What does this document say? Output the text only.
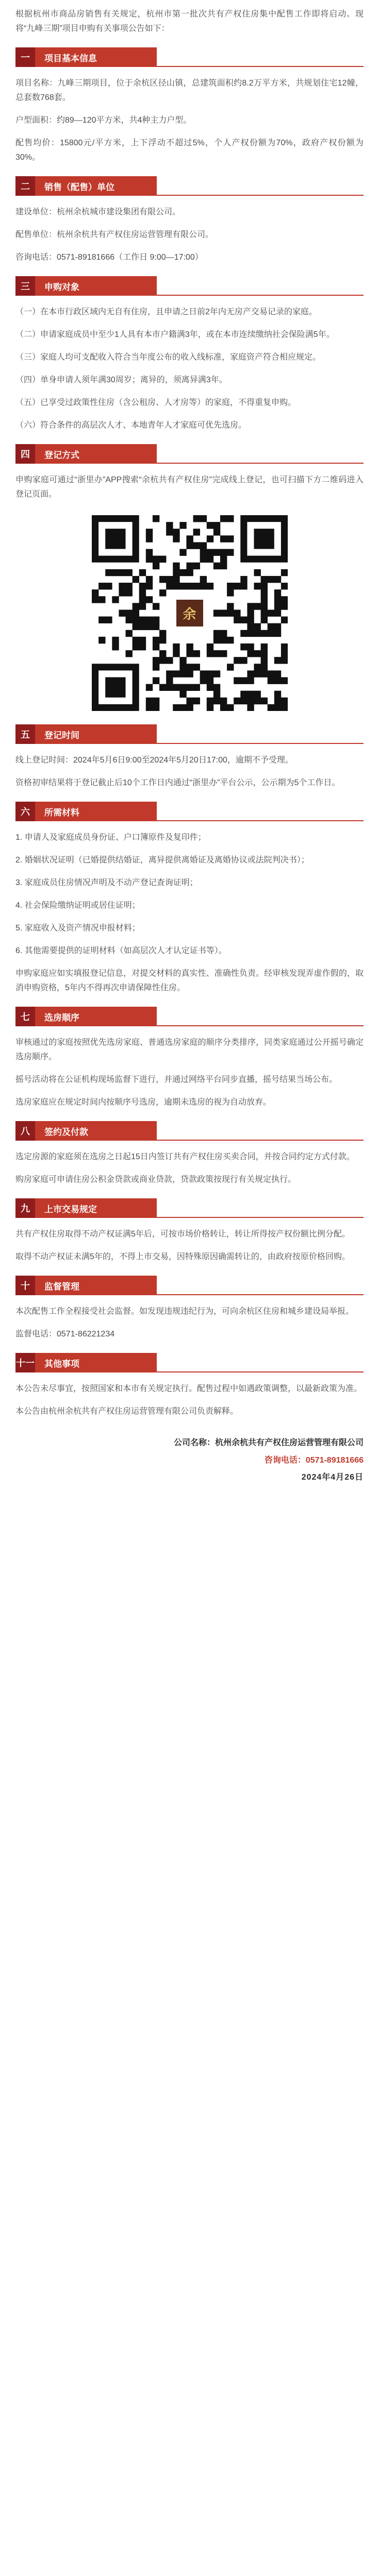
根据杭州市商品房销售有关规定，杭州市第一批次共有产权住房集中配售工作即将启动。现将“九峰三期”项目申购有关事项公告如下：

一	项目基本信息

项目名称：九峰三期项目，位于余杭区径山镇，总建筑面积约8.2万平方米，共规划住宅12幢，总套数768套。

户型面积：约89—120平方米，共4种主力户型。

配售均价：15800元/平方米，上下浮动不超过5%，个人产权份额为70%，政府产权份额为30%。

二	销售（配售）单位

建设单位：杭州余杭城市建设集团有限公司。

配售单位：杭州余杭共有产权住房运营管理有限公司。

咨询电话：0571-89181666（工作日 9:00—17:00）

三	申购对象

（一）在本市行政区域内无自有住房，且申请之日前2年内无房产交易记录的家庭。

（二）申请家庭成员中至少1人具有本市户籍满3年，或在本市连续缴纳社会保险满5年。

（三）家庭人均可支配收入符合当年度公布的收入线标准，家庭资产符合相应规定。

（四）单身申请人须年满30周岁；离异的，须离异满3年。

（五）已享受过政策性住房（含公租房、人才房等）的家庭，不得重复申购。

（六）符合条件的高层次人才、本地青年人才家庭可优先选房。

四	登记方式

申购家庭可通过“浙里办”APP搜索“余杭共有产权住房”完成线上登记，也可扫描下方二维码进入登记页面。

余
五	登记时间

线上登记时间：2024年5月6日9:00至2024年5月20日17:00，逾期不予受理。

资格初审结果将于登记截止后10个工作日内通过“浙里办”平台公示，公示期为5个工作日。

六	所需材料

1. 申请人及家庭成员身份证、户口簿原件及复印件；

2. 婚姻状况证明（已婚提供结婚证，离异提供离婚证及离婚协议或法院判决书）；

3. 家庭成员住房情况声明及不动产登记查询证明；

4. 社会保险缴纳证明或居住证明；

5. 家庭收入及资产情况申报材料；

6. 其他需要提供的证明材料（如高层次人才认定证书等）。

申购家庭应如实填报登记信息，对提交材料的真实性、准确性负责。经审核发现弄虚作假的，取消申购资格，5年内不得再次申请保障性住房。

七	选房顺序

审核通过的家庭按照优先选房家庭、普通选房家庭的顺序分类排序，同类家庭通过公开摇号确定选房顺序。

摇号活动将在公证机构现场监督下进行，并通过网络平台同步直播，摇号结果当场公布。

选房家庭应在规定时间内按顺序号选房，逾期未选房的视为自动放弃。

八	签约及付款

选定房源的家庭须在选房之日起15日内签订共有产权住房买卖合同，并按合同约定方式付款。

购房家庭可申请住房公积金贷款或商业贷款，贷款政策按现行有关规定执行。

九	上市交易规定

共有产权住房取得不动产权证满5年后，可按市场价格转让，转让所得按产权份额比例分配。

取得不动产权证未满5年的，不得上市交易，因特殊原因确需转让的，由政府按原价格回购。

十	监督管理

本次配售工作全程接受社会监督。如发现违规违纪行为，可向余杭区住房和城乡建设局举报。

监督电话：0571-86221234

十一	其他事项

本公告未尽事宜，按照国家和本市有关规定执行。配售过程中如遇政策调整，以最新政策为准。

本公告由杭州余杭共有产权住房运营管理有限公司负责解释。

公司名称：杭州余杭共有产权住房运营管理有限公司
咨询电话：0571-89181666
2024年4月26日
